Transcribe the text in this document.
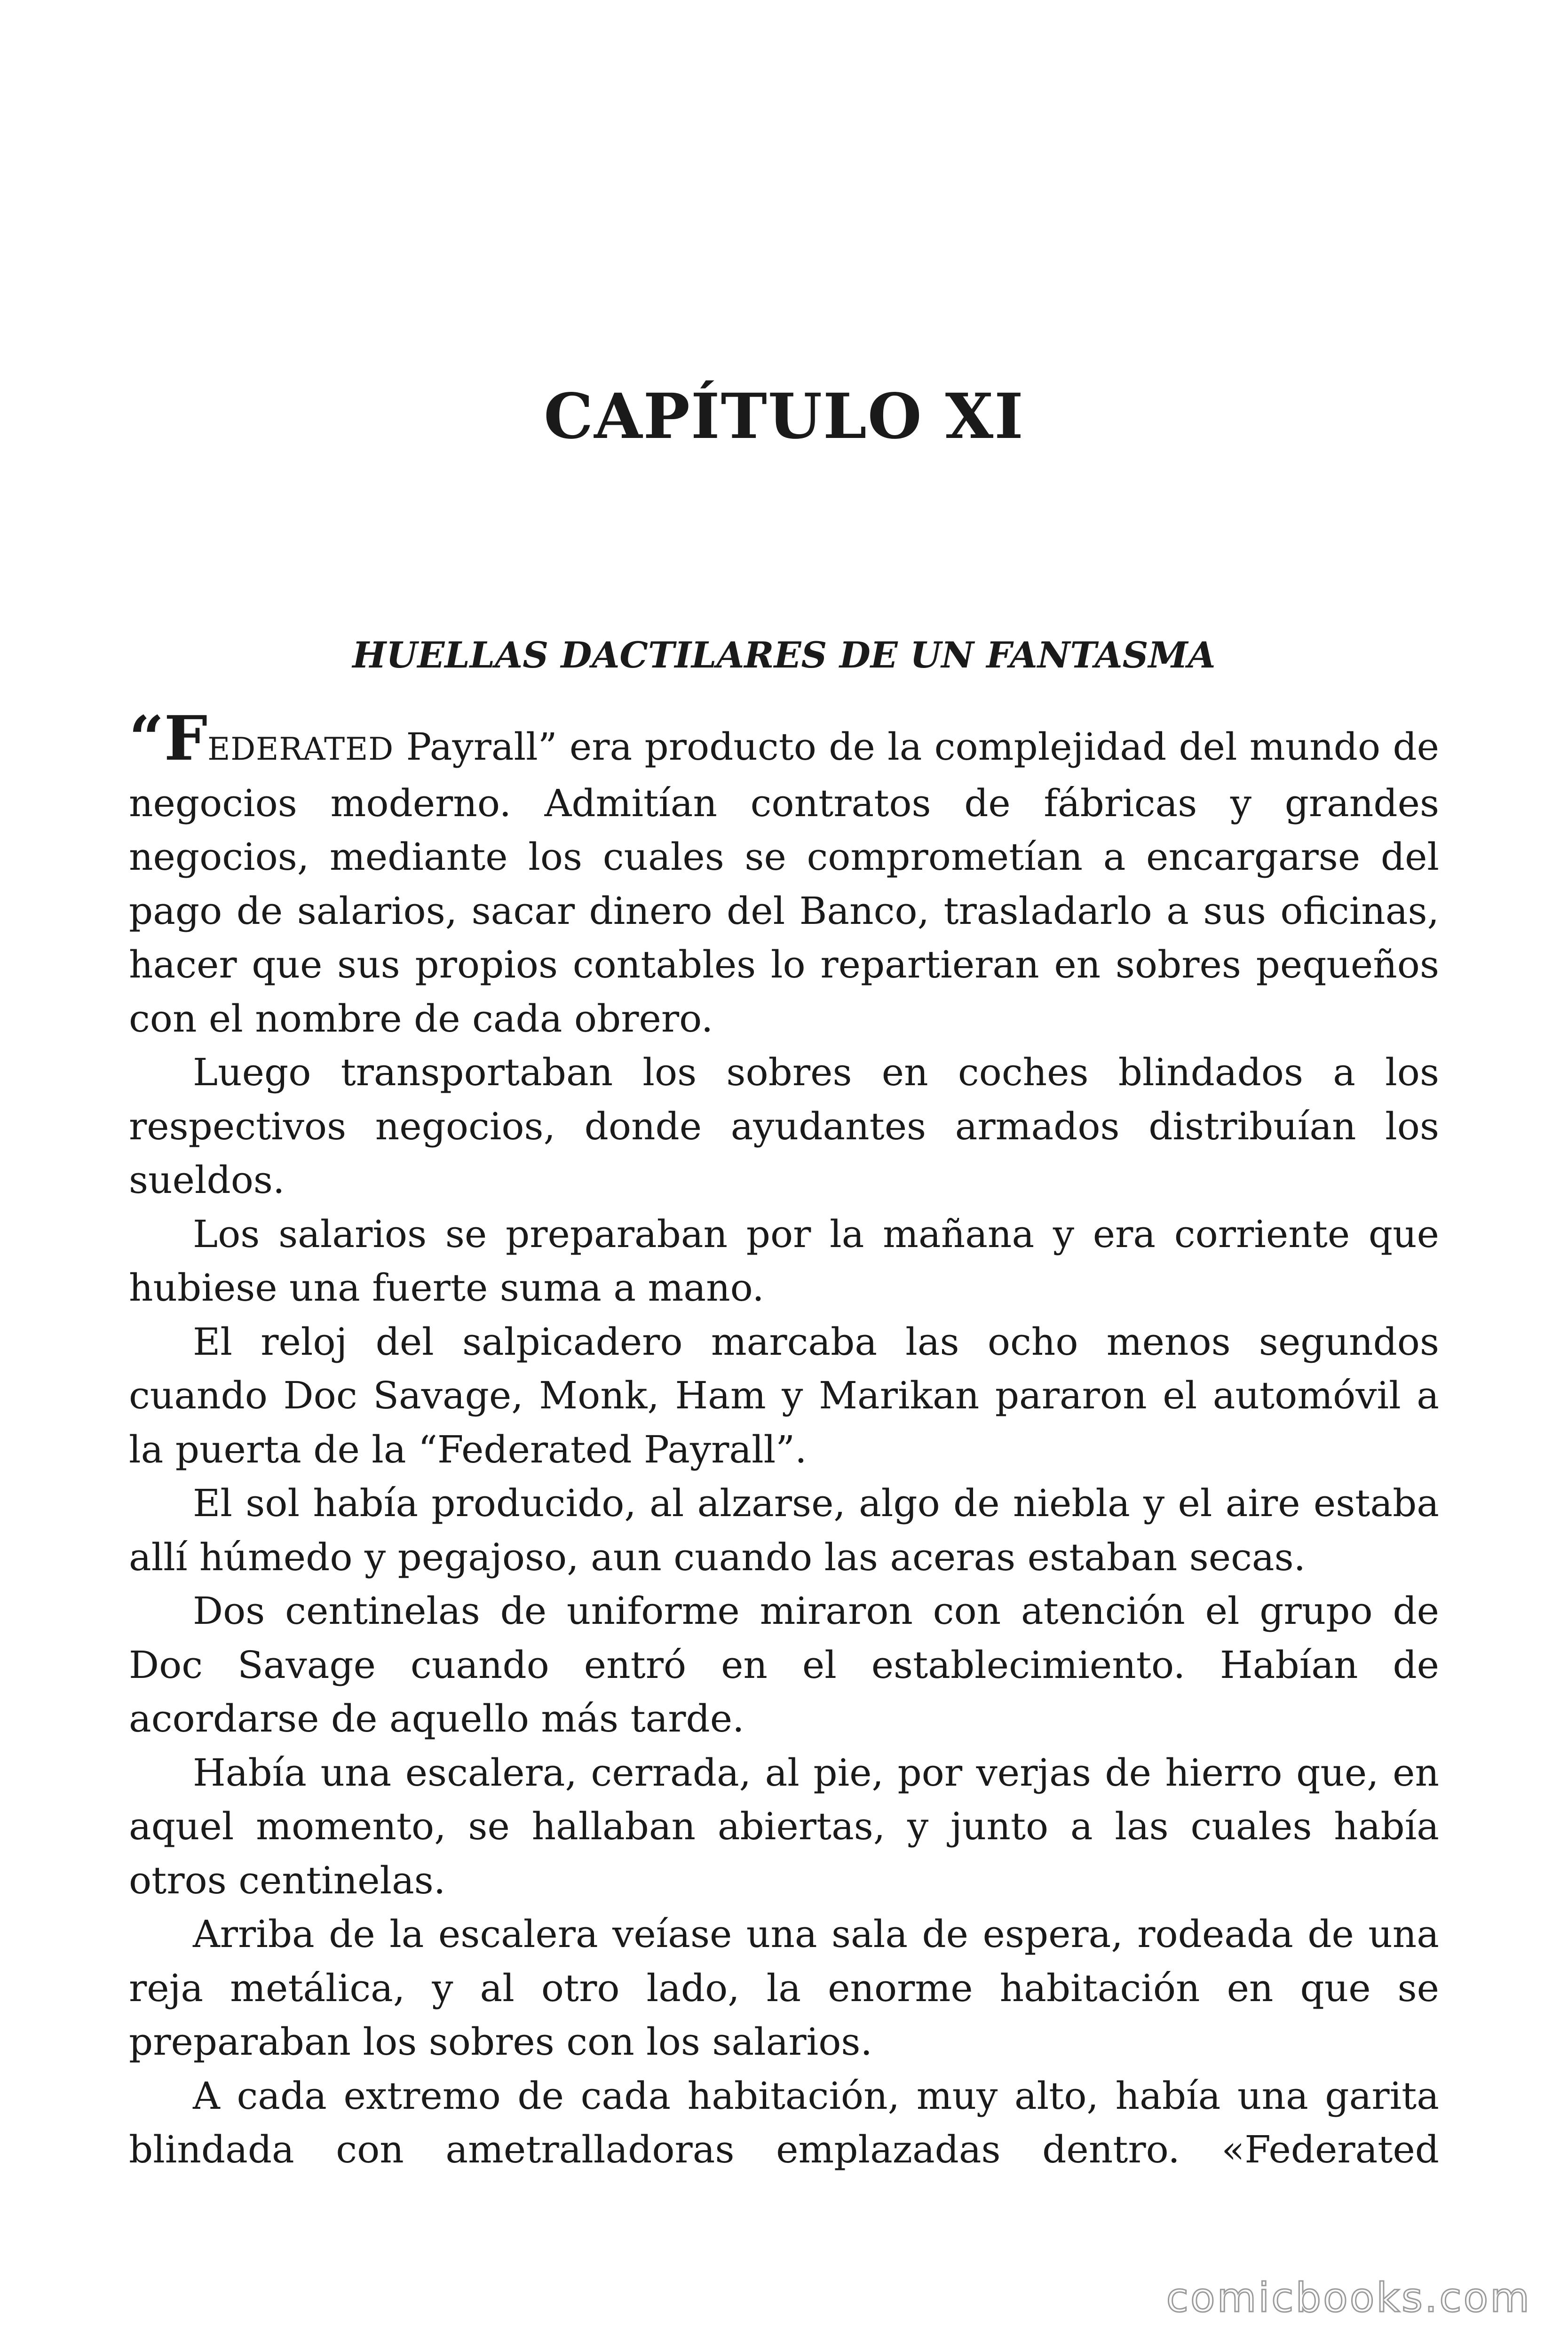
CAPÍTULO XI
HUELLAS DACTILARES DE UN FANTASMA

“FEDERATED Payrall” era producto de la complejidad del mundo de negocios moderno. Admitían contratos de fábricas y grandes negocios, mediante los cuales se comprometían a encargarse del pago de salarios, sacar dinero del Banco, trasladarlo a sus oficinas, hacer que sus propios contables lo repartieran en sobres pequeños con el nombre de cada obrero.

Luego transportaban los sobres en coches blindados a los respectivos negocios, donde ayudantes armados distribuían los sueldos.

Los salarios se preparaban por la mañana y era corriente que hubiese una fuerte suma a mano.

El reloj del salpicadero marcaba las ocho menos segundos cuando Doc Savage, Monk, Ham y Marikan pararon el automóvil a la puerta de la “Federated Payrall”.

El sol había producido, al alzarse, algo de niebla y el aire estaba allí húmedo y pegajoso, aun cuando las aceras estaban secas.

Dos centinelas de uniforme miraron con atención el grupo de Doc Savage cuando entró en el establecimiento. Habían de acordarse de aquello más tarde.

Había una escalera, cerrada, al pie, por verjas de hierro que, en aquel momento, se hallaban abiertas, y junto a las cuales había otros centinelas.

Arriba de la escalera veíase una sala de espera, rodeada de una reja metálica, y al otro lado, la enorme habitación en que se preparaban los sobres con los salarios.

A cada extremo de cada habitación, muy alto, había una garita blindada con ametralladoras emplazadas dentro. «Federated

comicbooks.com
